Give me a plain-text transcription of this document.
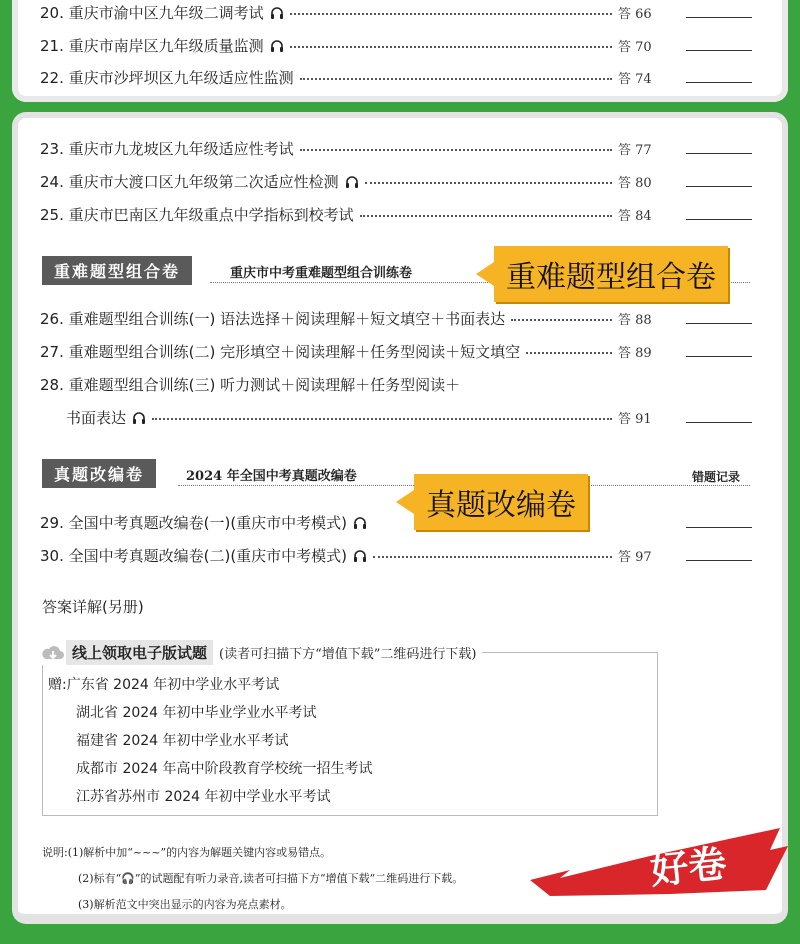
20. 重庆市渝中区九年级二调考试	答 66
21. 重庆市南岸区九年级质量监测	答 70
22. 重庆市沙坪坝区九年级适应性监测	答 74
23. 重庆市九龙坡区九年级适应性考试	答 77
24. 重庆市大渡口区九年级第二次适应性检测	答 80
25. 重庆市巴南区九年级重点中学指标到校考试	答 84
重难题型组合卷	重庆市中考重难题型组合训练卷	重难题型组合卷
26. 重难题型组合训练(一) 语法选择＋阅读理解＋短文填空＋书面表达	答 88
27. 重难题型组合训练(二) 完形填空＋阅读理解＋任务型阅读＋短文填空	答 89
28. 重难题型组合训练(三) 听力测试＋阅读理解＋任务型阅读＋
书面表达	答 91
真题改编卷	2024 年全国中考真题改编卷	错题记录
29. 全国中考真题改编卷(一)(重庆市中考模式)
30. 全国中考真题改编卷(二)(重庆市中考模式)	答 97
真题改编卷
答案详解(另册)
线上领取电子版试题 (读者可扫描下方“增值下载”二维码进行下载)
赠:广东省 2024 年初中学业水平考试
湖北省 2024 年初中毕业学业水平考试
福建省 2024 年初中学业水平考试
成都市 2024 年高中阶段教育学校统一招生考试
江苏省苏州市 2024 年初中学业水平考试
说明:(1)解析中加“~~~”的内容为解题关键内容或易错点。
(2)标有“🎧”的试题配有听力录音,读者可扫描下方“增值下载”二维码进行下载。
(3)解析范文中突出显示的内容为亮点素材。
好卷
